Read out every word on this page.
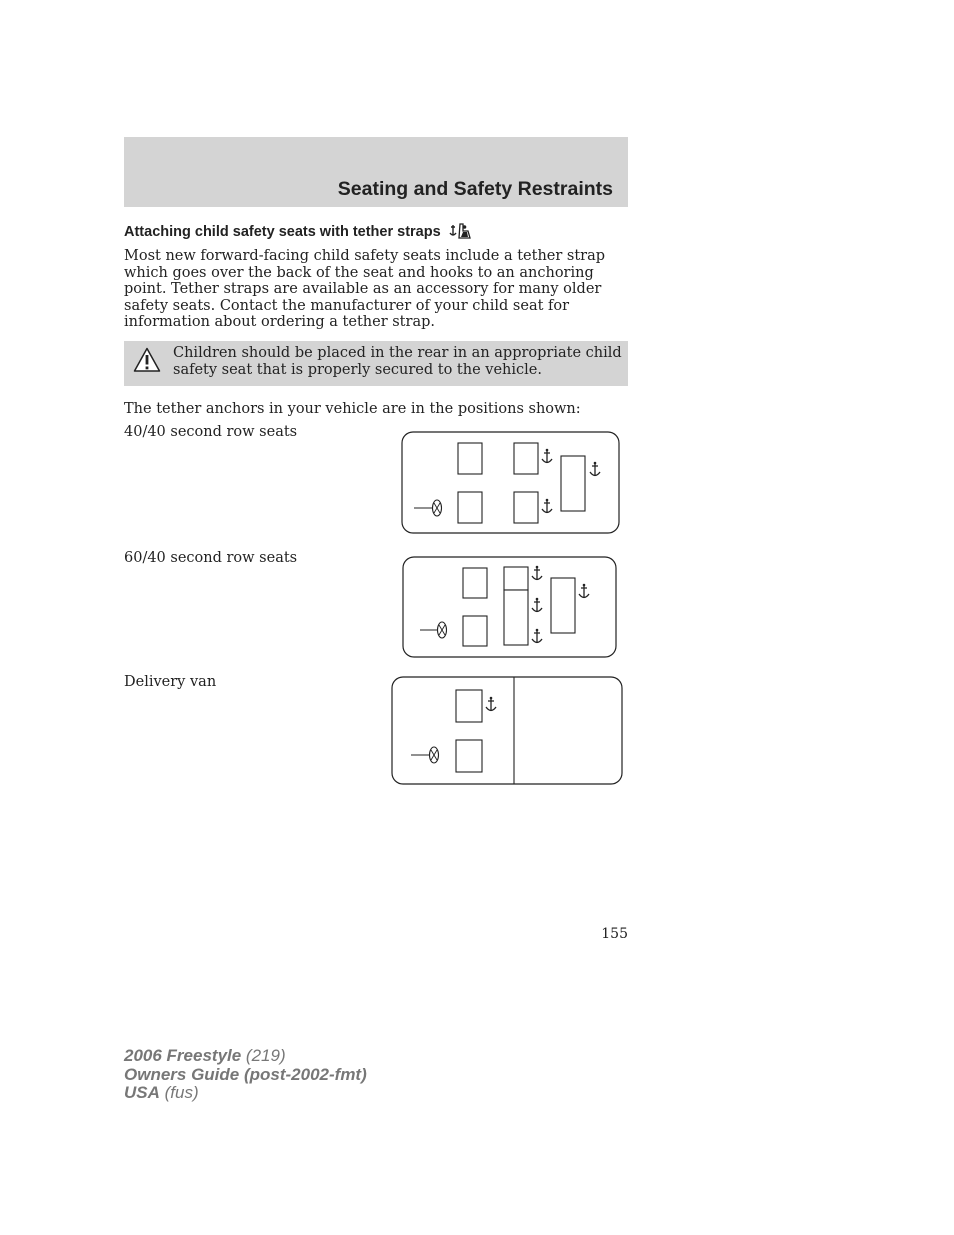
Seating and Safety Restraints
Attaching child safety seats with tether straps
Most new forward-facing child safety seats include a tether strap which goes over the back of the seat and hooks to an anchoring point. Tether straps are available as an accessory for many older safety seats. Contact the manufacturer of your child seat for information about ordering a tether strap.
Children should be placed in the rear in an appropriate child safety seat that is properly secured to the vehicle.
The tether anchors in your vehicle are in the positions shown:
40/40 second row seats
60/40 second row seats
Delivery van
155
2006 Freestyle (219)
Owners Guide (post-2002-fmt)
USA (fus)
